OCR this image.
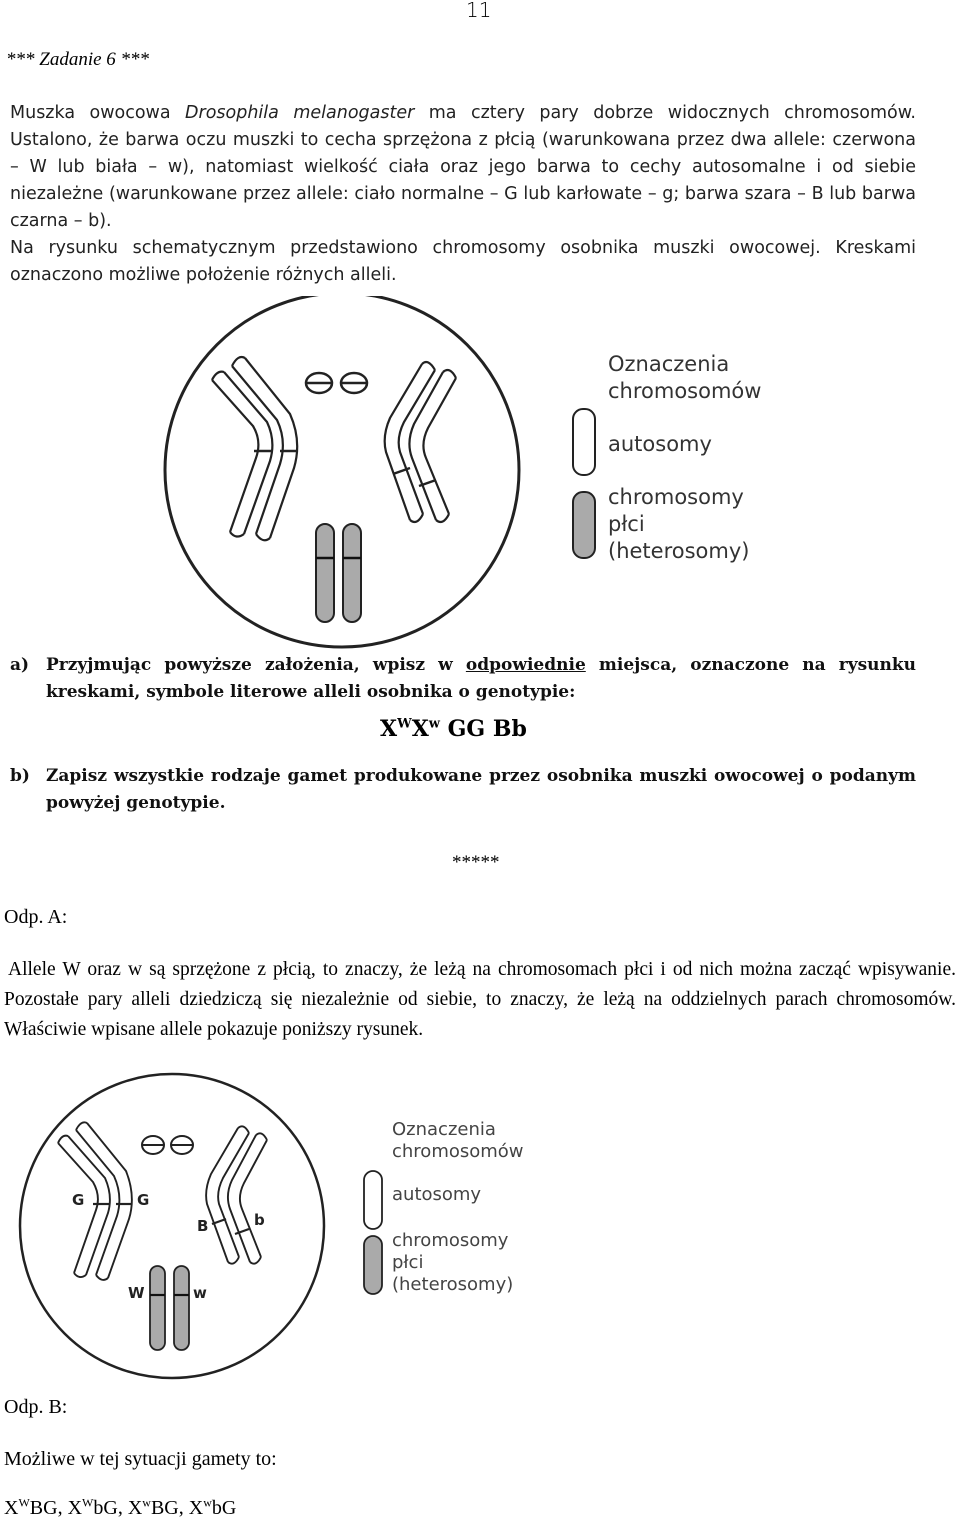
11
*** Zadanie 6 ***

Muszka owocowa Drosophila melanogaster ma cztery pary dobrze widocznych chromosomów. Ustalono, że barwa oczu muszki to cecha sprzężona z płcią (warunkowana przez dwa allele: czerwona – W lub biała – w), natomiast wielkość ciała oraz jego barwa to cechy autosomalne i od siebie niezależne (warunkowane przez allele: ciało normalne – G lub karłowate – g; barwa szara – B lub barwa czarna – b).

Na rysunku schematycznym przedstawiono chromosomy osobnika muszki owocowej. Kreskami oznaczono możliwe położenie różnych alleli.

Oznaczenia
chromosomów
autosomy
chromosomy
płci
(heterosomy)
a) Przyjmując powyższe założenia, wpisz w odpowiednie miejsca, oznaczone na rysunku kreskami, symbole literowe alleli osobnika o genotypie:
$X^WX^w$ GG Bb
b) Zapisz wszystkie rodzaje gamet produkowane przez osobnika muszki owocowej o podanym powyżej genotypie.
*****
Odp. A:

Allele W oraz w są sprzężone z płcią, to znaczy, że leżą na chromosomach płci i od nich można zacząć wpisywanie. Pozostałe pary alleli dziedziczą się niezależnie od siebie, to znaczy, że leżą na oddzielnych parach chromosomów. Właściwie wpisane allele pokazuje poniższy rysunek.

G	G
B	b
W	w
Oznaczenia
chromosomów
autosomy
chromosomy
płci
(heterosomy)
Odp. B:
Możliwe w tej sytuacji gamety to:
$X^WBG$, $X^WbG$, $X^wBG$, $X^wbG$
